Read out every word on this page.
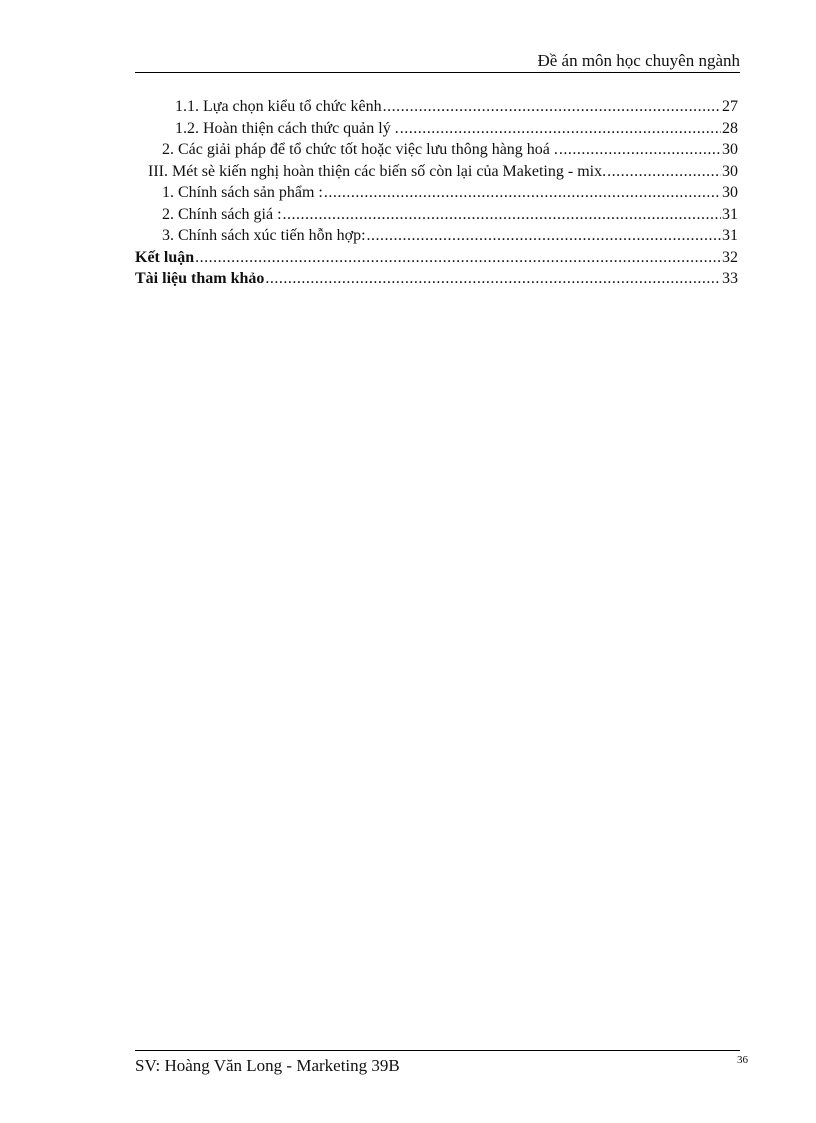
Đề án môn học chuyên ngành
1.1. Lựa chọn kiểu tổ chức kênh .....	27
1.2. Hoàn thiện cách thức quản lý . .....	28
2. Các giải pháp để tổ chức tốt hoặc việc lưu thông hàng hoá . .....	30
III. Mét sè kiến nghị hoàn thiện các biến số còn lại của Maketing - mix. .....	30
1. Chính sách sản phẩm : .....	30
2. Chính sách giá : .....	31
3. Chính sách xúc tiến hỗn hợp: .....	31
Kết luận .....	32
Tài liệu tham khảo .....	33
SV: Hoàng Văn Long - Marketing 39B	36
